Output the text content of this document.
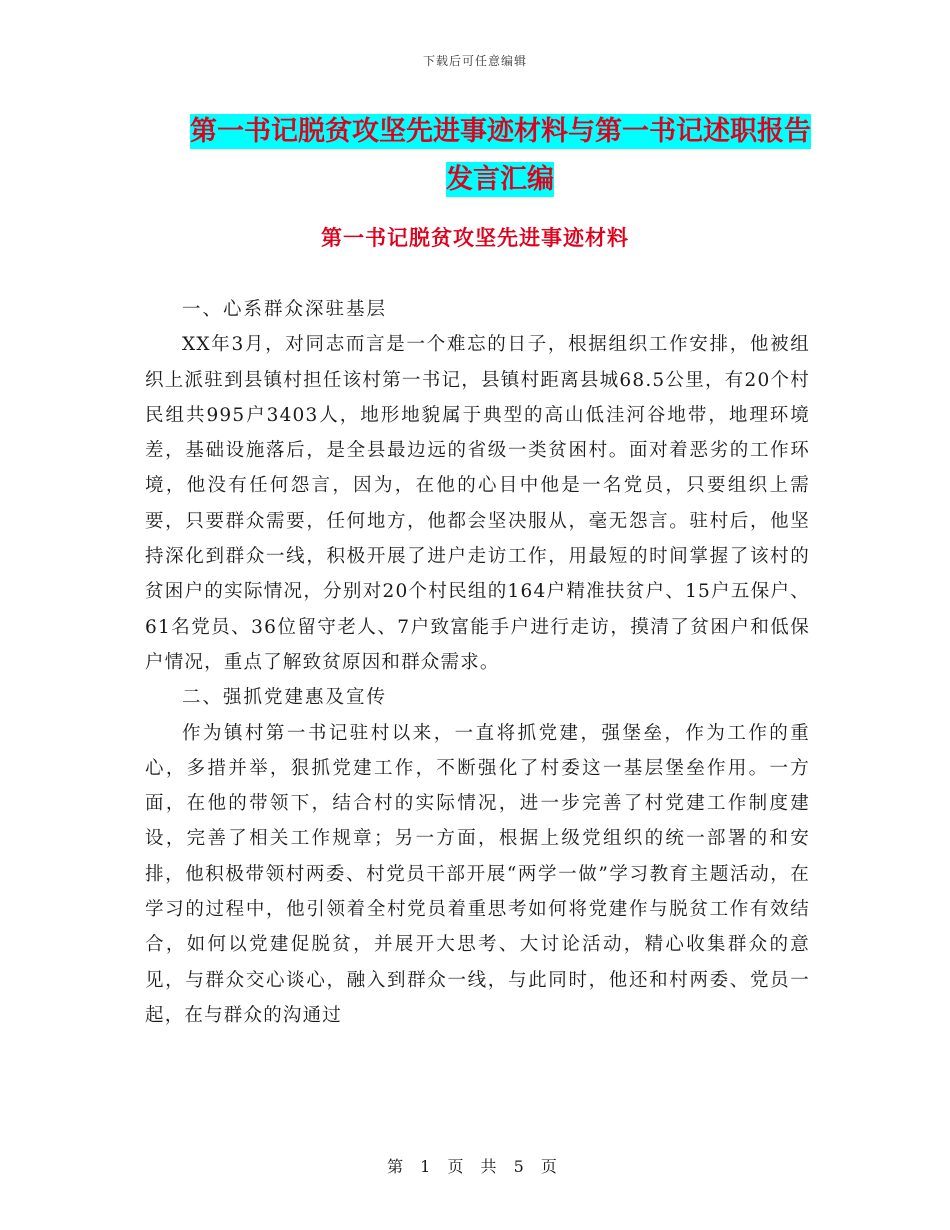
下载后可任意编辑
第一书记脱贫攻坚先进事迹材料与第一书记述职报告
发言汇编
第一书记脱贫攻坚先进事迹材料

一、心系群众深驻基层

XX年3月，对同志而言是一个难忘的日子，根据组织工作安排，他被组织上派驻到县镇村担任该村第一书记，县镇村距离县城68.5公里，有20个村民组共995户3403人，地形地貌属于典型的高山低洼河谷地带，地理环境差，基础设施落后，是全县最边远的省级一类贫困村。面对着恶劣的工作环境，他没有任何怨言，因为，在他的心目中他是一名党员，只要组织上需要，只要群众需要，任何地方，他都会坚决服从，毫无怨言。驻村后，他坚持深化到群众一线，积极开展了进户走访工作，用最短的时间掌握了该村的贫困户的实际情况，分别对20个村民组的164户精准扶贫户、15户五保户、61名党员、36位留守老人、7户致富能手户进行走访，摸清了贫困户和低保户情况，重点了解致贫原因和群众需求。

二、强抓党建惠及宣传

作为镇村第一书记驻村以来，一直将抓党建，强堡垒，作为工作的重心，多措并举，狠抓党建工作，不断强化了村委这一基层堡垒作用。一方面，在他的带领下，结合村的实际情况，进一步完善了村党建工作制度建设，完善了相关工作规章；另一方面，根据上级党组织的统一部署的和安排，他积极带领村两委、村党员干部开展“两学一做”学习教育主题活动，在学习的过程中，他引领着全村党员着重思考如何将党建作与脱贫工作有效结合，如何以党建促脱贫，并展开大思考、大讨论活动，精心收集群众的意见，与群众交心谈心，融入到群众一线，与此同时，他还和村两委、党员一起，在与群众的沟通过

第 1 页 共 5 页
